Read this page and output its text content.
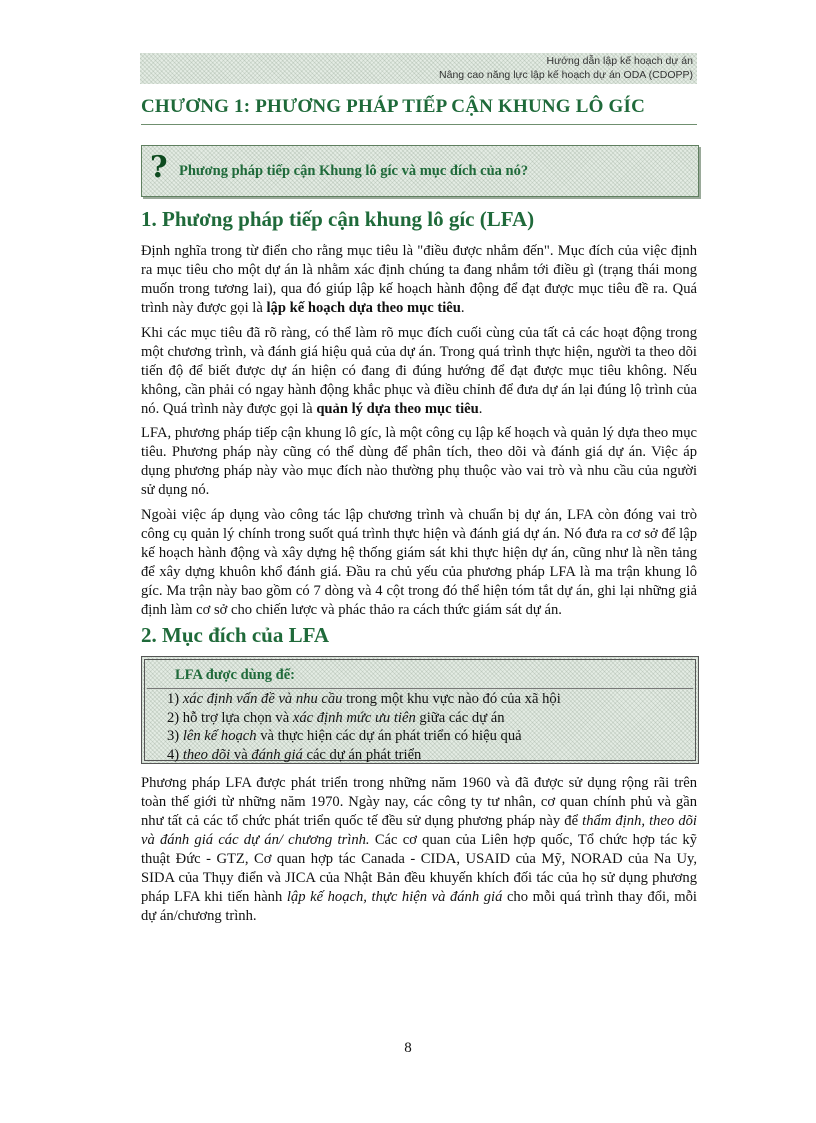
Hướng dẫn lập kế hoạch dự án
Nâng cao năng lực lập kế hoạch dự án ODA (CDOPP)
CHƯƠNG 1: PHƯƠNG PHÁP TIẾP CẬN KHUNG LÔ GÍC
? Phương pháp tiếp cận Khung lô gíc và mục đích của nó?
1. Phương pháp tiếp cận khung lô gíc (LFA)

Định nghĩa trong từ điển cho rằng mục tiêu là "điều được nhắm đến". Mục đích của việc định ra mục tiêu cho một dự án là nhằm xác định chúng ta đang nhắm tới điều gì (trạng thái mong muốn trong tương lai), qua đó giúp lập kế hoạch hành động để đạt được mục tiêu đề ra. Quá trình này được gọi là lập kế hoạch dựa theo mục tiêu.

Khi các mục tiêu đã rõ ràng, có thể làm rõ mục đích cuối cùng của tất cả các hoạt động trong một chương trình, và đánh giá hiệu quả của dự án. Trong quá trình thực hiện, người ta theo dõi tiến độ để biết được dự án hiện có đang đi đúng hướng để đạt được mục tiêu không. Nếu không, cần phải có ngay hành động khắc phục và điều chỉnh để đưa dự án lại đúng lộ trình của nó. Quá trình này được gọi là quản lý dựa theo mục tiêu.

LFA, phương pháp tiếp cận khung lô gíc, là một công cụ lập kế hoạch và quản lý dựa theo mục tiêu. Phương pháp này cũng có thể dùng để phân tích, theo dõi và đánh giá dự án. Việc áp dụng phương pháp này vào mục đích nào thường phụ thuộc vào vai trò và nhu cầu của người sử dụng nó.

Ngoài việc áp dụng vào công tác lập chương trình và chuẩn bị dự án, LFA còn đóng vai trò công cụ quản lý chính trong suốt quá trình thực hiện và đánh giá dự án. Nó đưa ra cơ sở để lập kế hoạch hành động và xây dựng hệ thống giám sát khi thực hiện dự án, cũng như là nền tảng để xây dựng khuôn khổ đánh giá. Đầu ra chủ yếu của phương pháp LFA là ma trận khung lô gíc. Ma trận này bao gồm có 7 dòng và 4 cột trong đó thể hiện tóm tắt dự án, ghi lại những giả định làm cơ sở cho chiến lược và phác thảo ra cách thức giám sát dự án.

2. Mục đích của LFA
LFA được dùng để:
1) xác định vấn đề và nhu cầu trong một khu vực nào đó của xã hội
2) hỗ trợ lựa chọn và xác định mức ưu tiên giữa các dự án
3) lên kế hoạch và thực hiện các dự án phát triển có hiệu quả
4) theo dõi và đánh giá các dự án phát triển

Phương pháp LFA được phát triển trong những năm 1960 và đã được sử dụng rộng rãi trên toàn thế giới từ những năm 1970. Ngày nay, các công ty tư nhân, cơ quan chính phủ và gần như tất cả các tổ chức phát triển quốc tế đều sử dụng phương pháp này để thẩm định, theo dõi và đánh giá các dự án/ chương trình. Các cơ quan của Liên hợp quốc, Tổ chức hợp tác kỹ thuật Đức - GTZ, Cơ quan hợp tác Canada - CIDA, USAID của Mỹ, NORAD của Na Uy, SIDA của Thụy điển và JICA của Nhật Bản đều khuyến khích đối tác của họ sử dụng phương pháp LFA khi tiến hành lập kế hoạch, thực hiện và đánh giá cho mỗi quá trình thay đổi, mỗi dự án/chương trình.

8
